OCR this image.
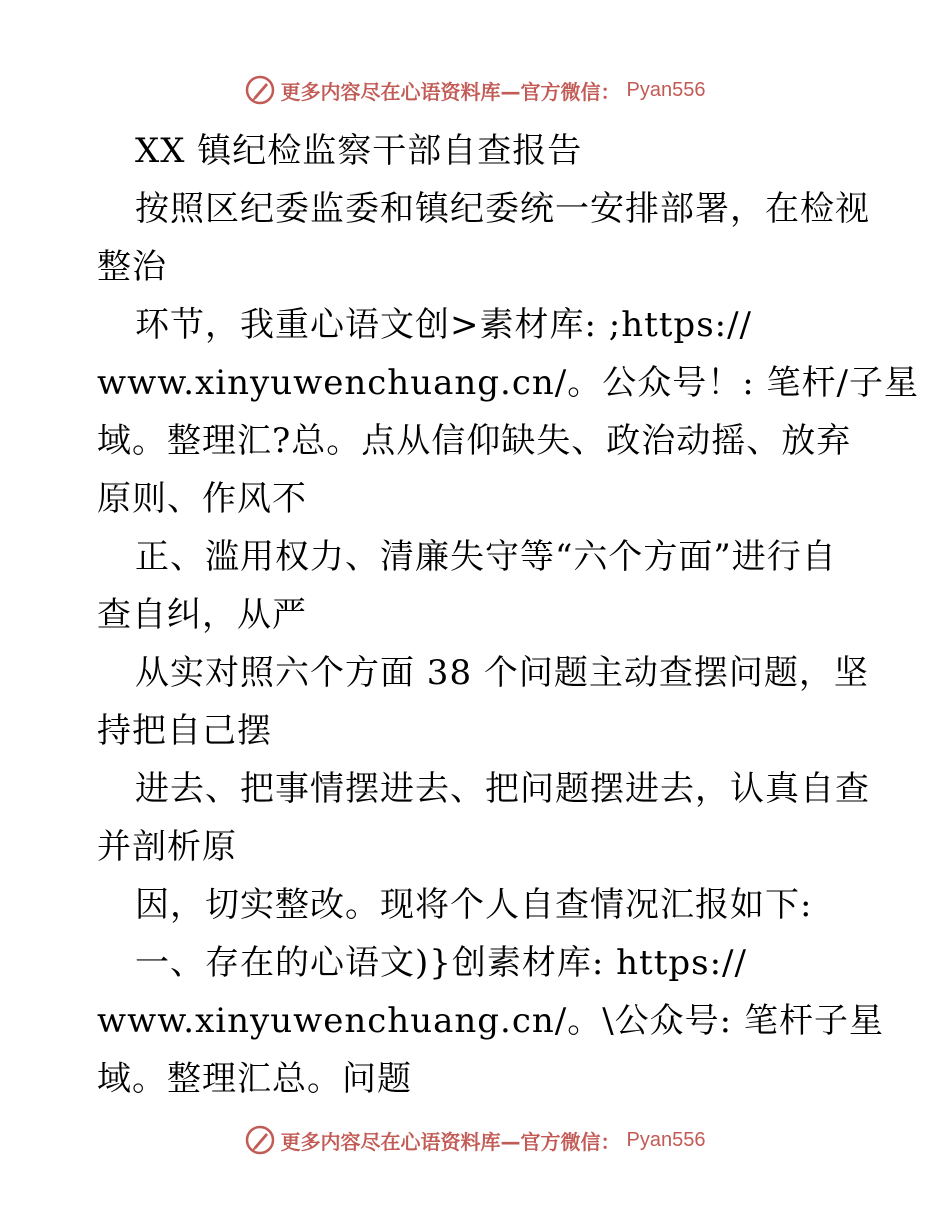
更多内容尽在心语资料库—官方微信： Pyan556
XX 镇纪检监察干部自查报告
按照区纪委监委和镇纪委统一安排部署，在检视
整治
环节，我重心语文创>素材库: ;https://
www.xinyuwenchuang.cn/。公众号！: 笔杆/子星
域。整理汇?总。点从信仰缺失、政治动摇、放弃
原则、作风不
正、滥用权力、清廉失守等“六个方面”进行自
查自纠，从严
从实对照六个方面 38 个问题主动查摆问题，坚
持把自己摆
进去、把事情摆进去、把问题摆进去，认真自查
并剖析原
因，切实整改。现将个人自查情况汇报如下:
一、存在的心语文)}创素材库: https://
www.xinyuwenchuang.cn/。\公众号: 笔杆子星
域。整理汇总。问题
更多内容尽在心语资料库—官方微信： Pyan556
